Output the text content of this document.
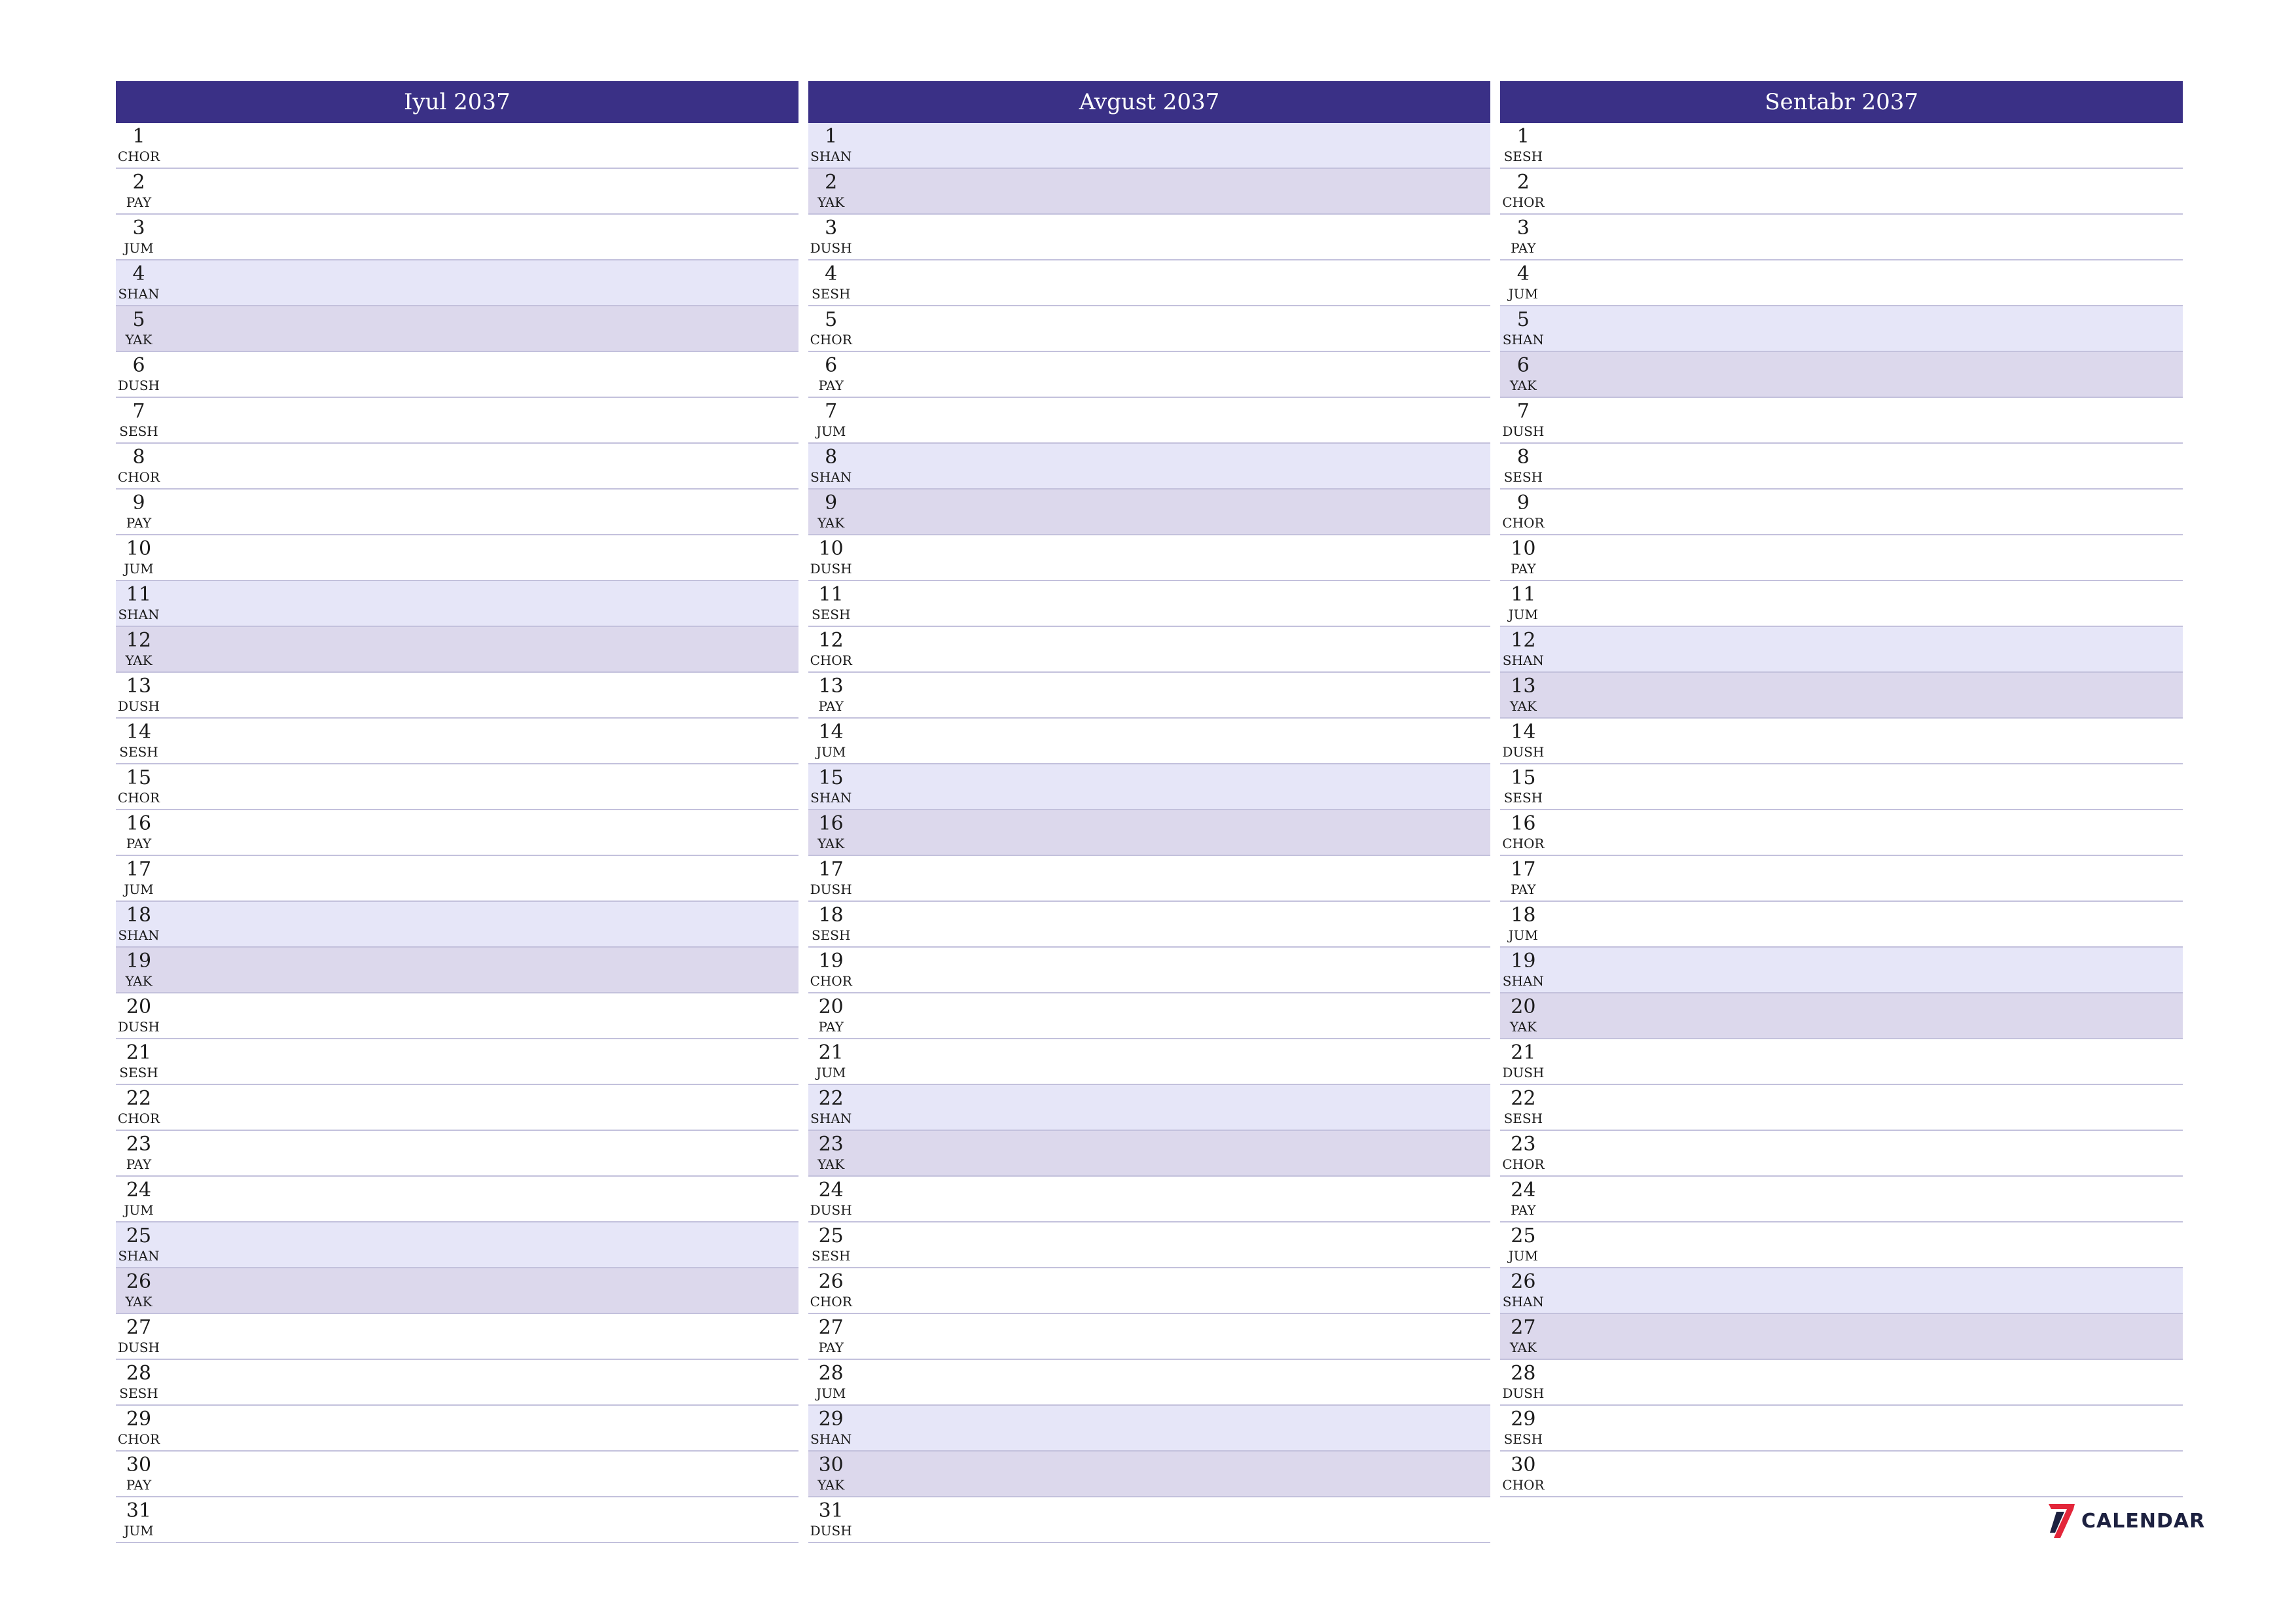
Iyul 2037
1
CHOR
2
PAY
3
JUM
4
SHAN
5
YAK
6
DUSH
7
SESH
8
CHOR
9
PAY
10
JUM
11
SHAN
12
YAK
13
DUSH
14
SESH
15
CHOR
16
PAY
17
JUM
18
SHAN
19
YAK
20
DUSH
21
SESH
22
CHOR
23
PAY
24
JUM
25
SHAN
26
YAK
27
DUSH
28
SESH
29
CHOR
30
PAY
31
JUM
Avgust 2037
1
SHAN
2
YAK
3
DUSH
4
SESH
5
CHOR
6
PAY
7
JUM
8
SHAN
9
YAK
10
DUSH
11
SESH
12
CHOR
13
PAY
14
JUM
15
SHAN
16
YAK
17
DUSH
18
SESH
19
CHOR
20
PAY
21
JUM
22
SHAN
23
YAK
24
DUSH
25
SESH
26
CHOR
27
PAY
28
JUM
29
SHAN
30
YAK
31
DUSH
Sentabr 2037
1
SESH
2
CHOR
3
PAY
4
JUM
5
SHAN
6
YAK
7
DUSH
8
SESH
9
CHOR
10
PAY
11
JUM
12
SHAN
13
YAK
14
DUSH
15
SESH
16
CHOR
17
PAY
18
JUM
19
SHAN
20
YAK
21
DUSH
22
SESH
23
CHOR
24
PAY
25
JUM
26
SHAN
27
YAK
28
DUSH
29
SESH
30
CHOR
CALENDAR
